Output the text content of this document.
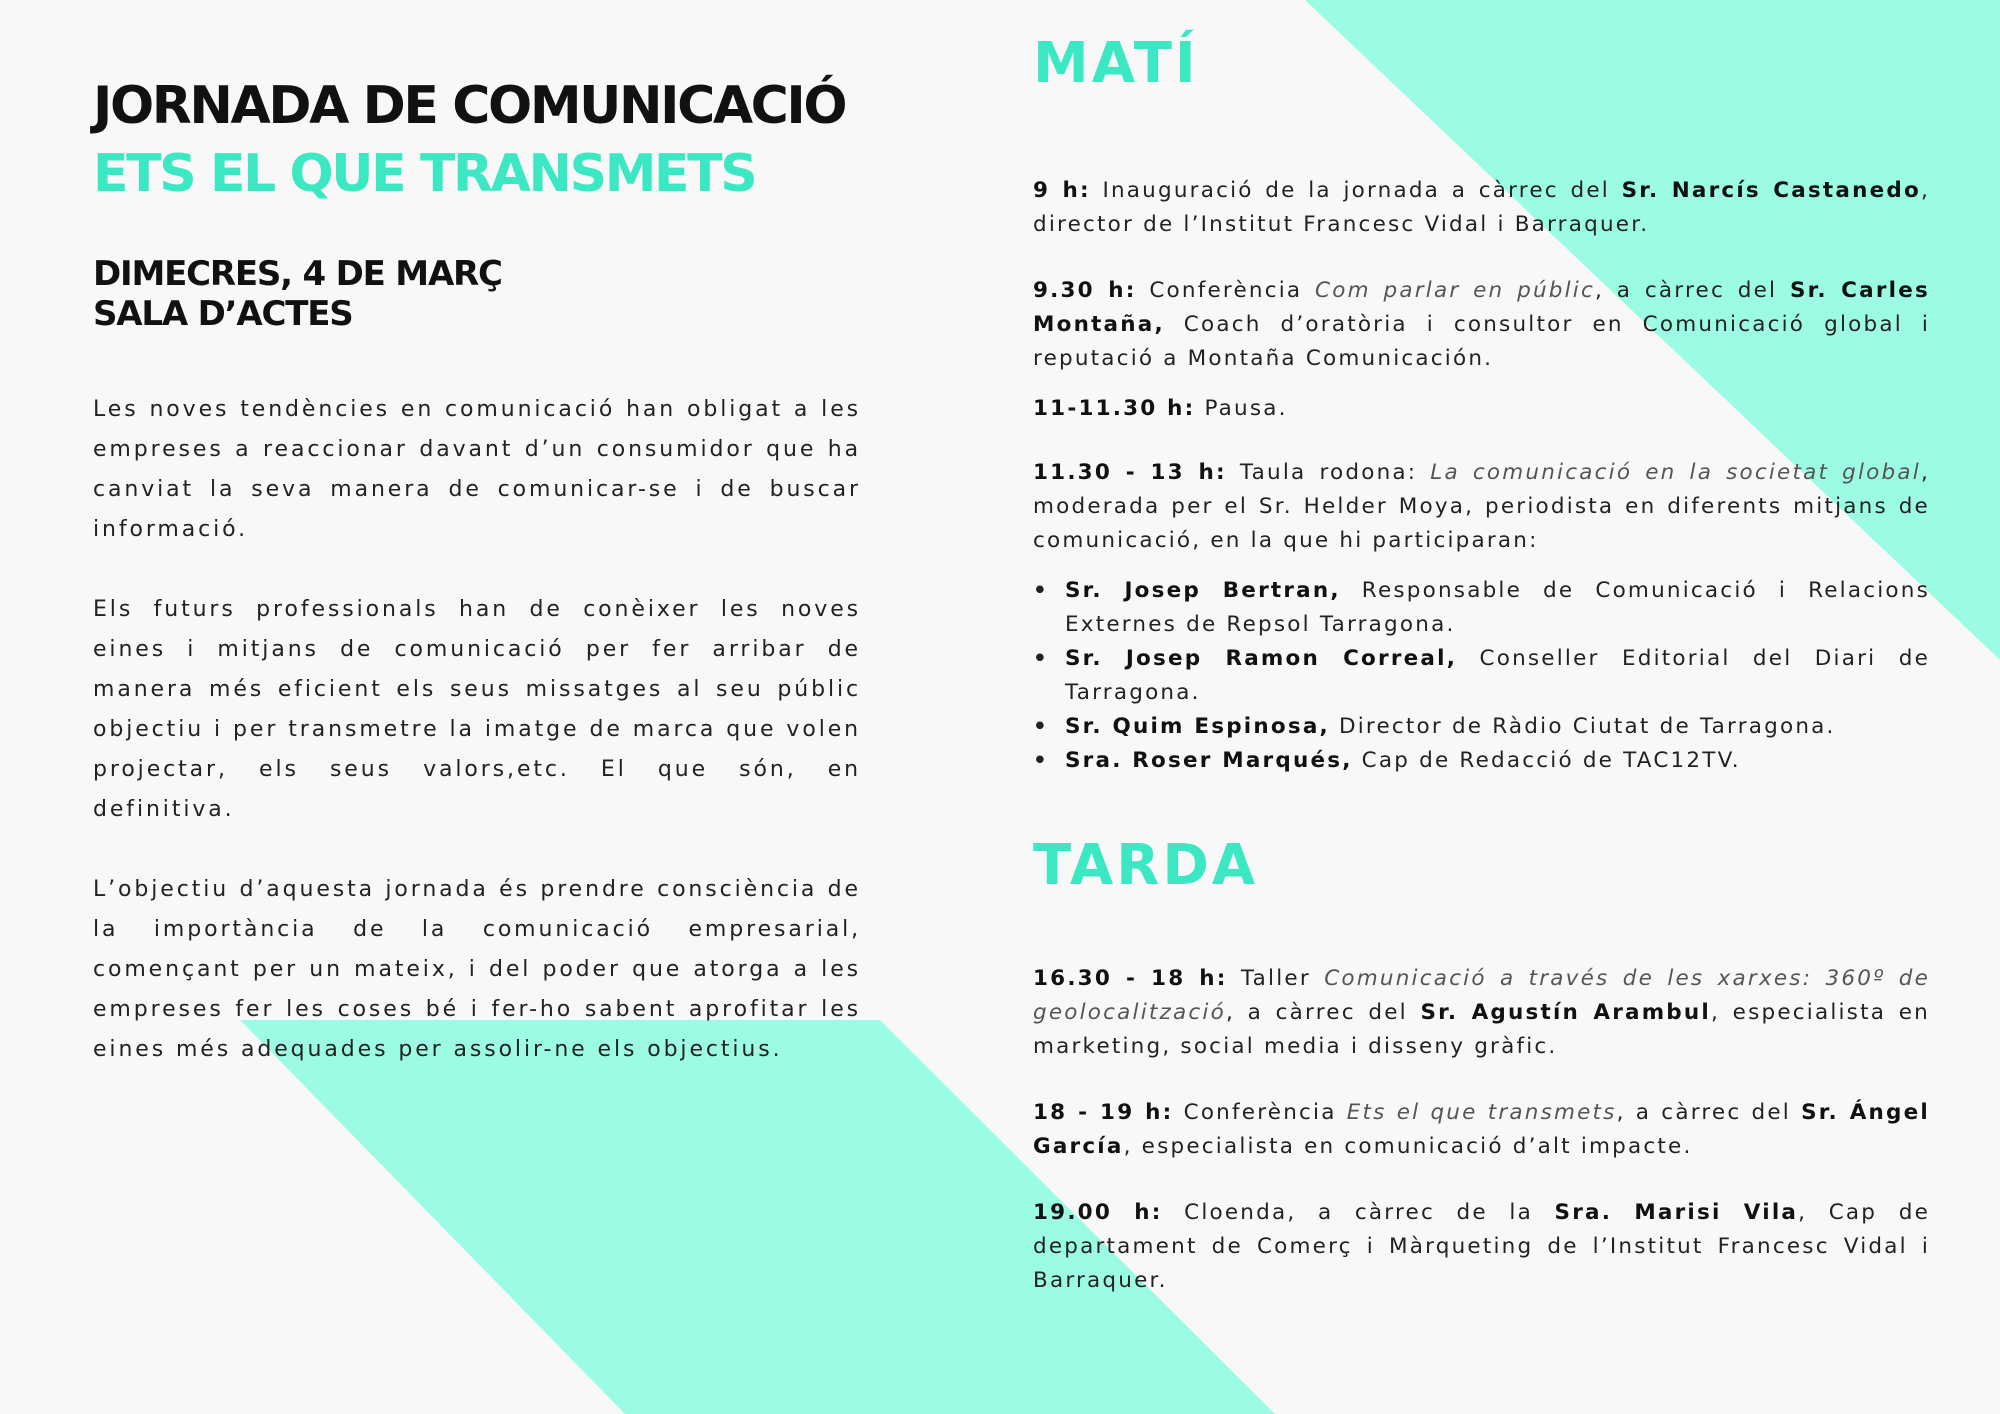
JORNADA DE COMUNICACIÓ
ETS EL QUE TRANSMETS
DIMECRES, 4 DE MARÇ
SALA D’ACTES

Les noves tendències en comunicació han obligat a les empreses a reaccionar davant d’un consumidor que ha canviat la seva manera de comunicar-se i de buscar informació.

Els futurs professionals han de conèixer les noves eines i mitjans de comunicació per fer arribar de manera més eficient els seus missatges al seu públic objectiu i per transmetre la imatge de marca que volen projectar, els seus valors,etc. El que són, en definitiva.

L’objectiu d’aquesta jornada és prendre consciència de la importància de la comunicació empresarial, començant per un mateix, i del poder que atorga a les empreses fer les coses bé i fer-ho sabent aprofitar les eines més adequades per assolir-ne els objectius.

MATÍ

9 h: Inauguració de la jornada a càrrec del Sr. Narcís Castanedo, director de l’Institut Francesc Vidal i Barraquer.

9.30 h: Conferència Com parlar en públic, a càrrec del Sr. Carles Montaña, Coach d’oratòria i consultor en Comunicació global i reputació a Montaña Comunicación.

11-11.30 h: Pausa.

11.30 - 13 h: Taula rodona: La comunicació en la societat global, moderada per el Sr. Helder Moya, periodista en diferents mitjans de comunicació, en la que hi participaran:

• Sr. Josep Bertran, Responsable de Comunicació i Relacions Externes de Repsol Tarragona.
• Sr. Josep Ramon Correal, Conseller Editorial del Diari de Tarragona.
• Sr. Quim Espinosa, Director de Ràdio Ciutat de Tarragona.
• Sra. Roser Marqués, Cap de Redacció de TAC12TV.
TARDA

16.30 - 18 h: Taller Comunicació a través de les xarxes: 360º de geolocalització, a càrrec del Sr. Agustín Arambul, especialista en marketing, social media i disseny gràfic.

18 - 19 h: Conferència Ets el que transmets, a càrrec del Sr. Ángel García, especialista en comunicació d’alt impacte.

19.00 h: Cloenda, a càrrec de la Sra. Marisi Vila, Cap de departament de Comerç i Màrqueting de l’Institut Francesc Vidal i Barraquer.
